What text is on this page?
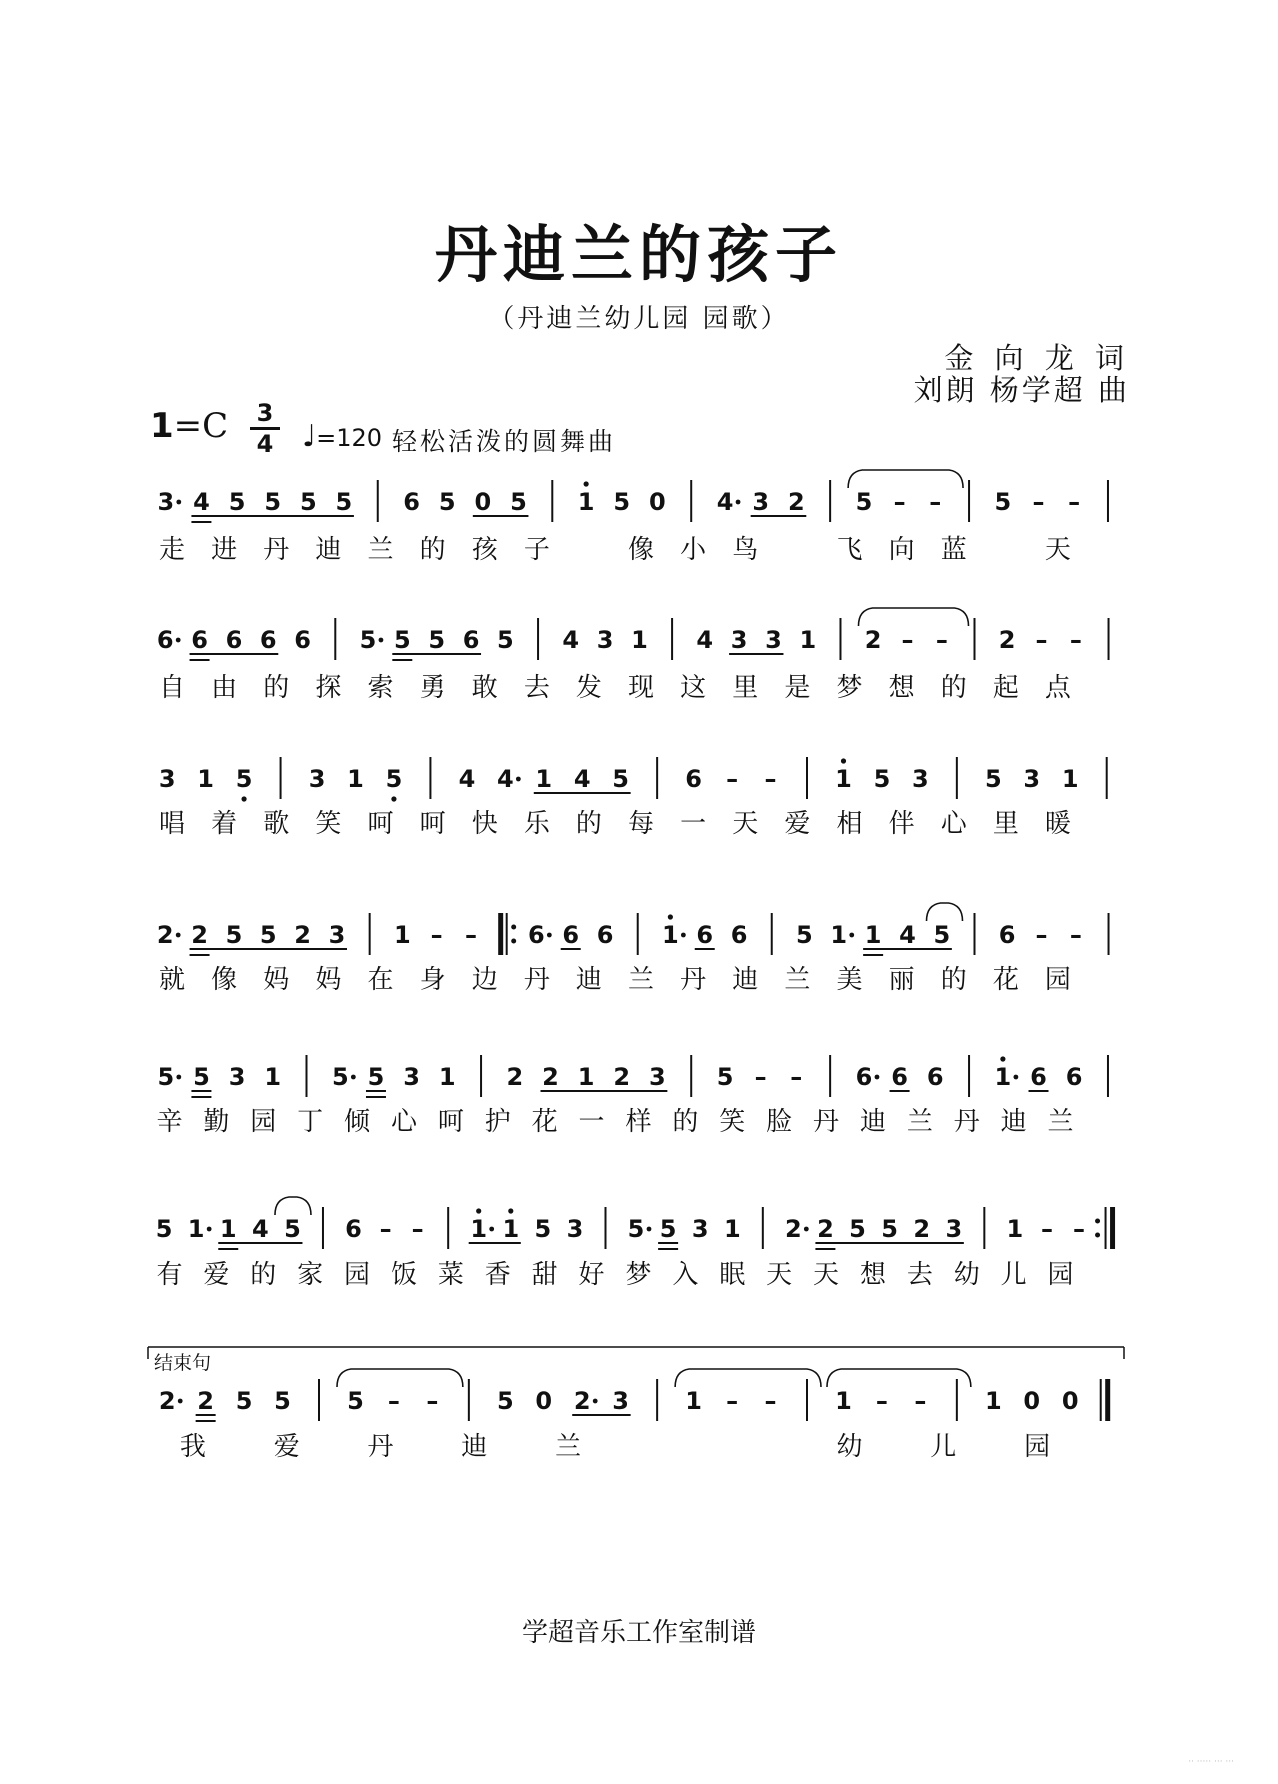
丹迪兰的孩子
（丹迪兰幼儿园 园歌）
金 向 龙 词
刘朗 杨学超 曲
1=C 3
4 ♩=120 轻松活泼的圆舞曲
3 4 5 5 5 5 6 5 0 5 1 5 0 4 3 2 5 – – 5 – –
走 进 丹 迪 兰 的 孩 子	像 小 鸟	飞 向 蓝	天
6 6 6 6 6 5 5 5 6 5 4 3 1 4 3 3 1 2 – – 2 – –
自 由 的 探 索 勇 敢 去 发 现 这 里 是 梦 想 的 起 点
3 1 5 3 1 5 4 4 1 4 5 6 – – 1 5 3 5 3 1
唱 着 歌 笑 呵 呵 快 乐 的 每 一 天 爱 相 伴 心 里 暖
2 2 5 5 2 3 1 – – 6 6 6 1 6 6 5 1 1 4 5 6 – –
就 像 妈 妈 在 身 边 丹 迪 兰 丹 迪 兰 美 丽 的 花 园
5 5 3 1 5 5 3 1 2 2 1 2 3 5 – – 6 6 6 1 6 6
辛 勤 园 丁 倾 心 呵 护 花 一 样 的 笑 脸 丹 迪 兰 丹 迪 兰
5 1 1 4 5 6 – – 1 1 5 3 5 5 3 1 2 2 5 5 2 3 1 – –
有 爱 的 家 园 饭 菜 香 甜 好 梦 入 眠 天 天 想 去 幼 儿 园
2 2 5 5 5 – – 5 0 2 3 1 – – 1 – – 1 0 0
我	爱	丹	迪	兰	幼	儿	园
结束句
学超音乐工作室制谱
·· ····· ··· ···
